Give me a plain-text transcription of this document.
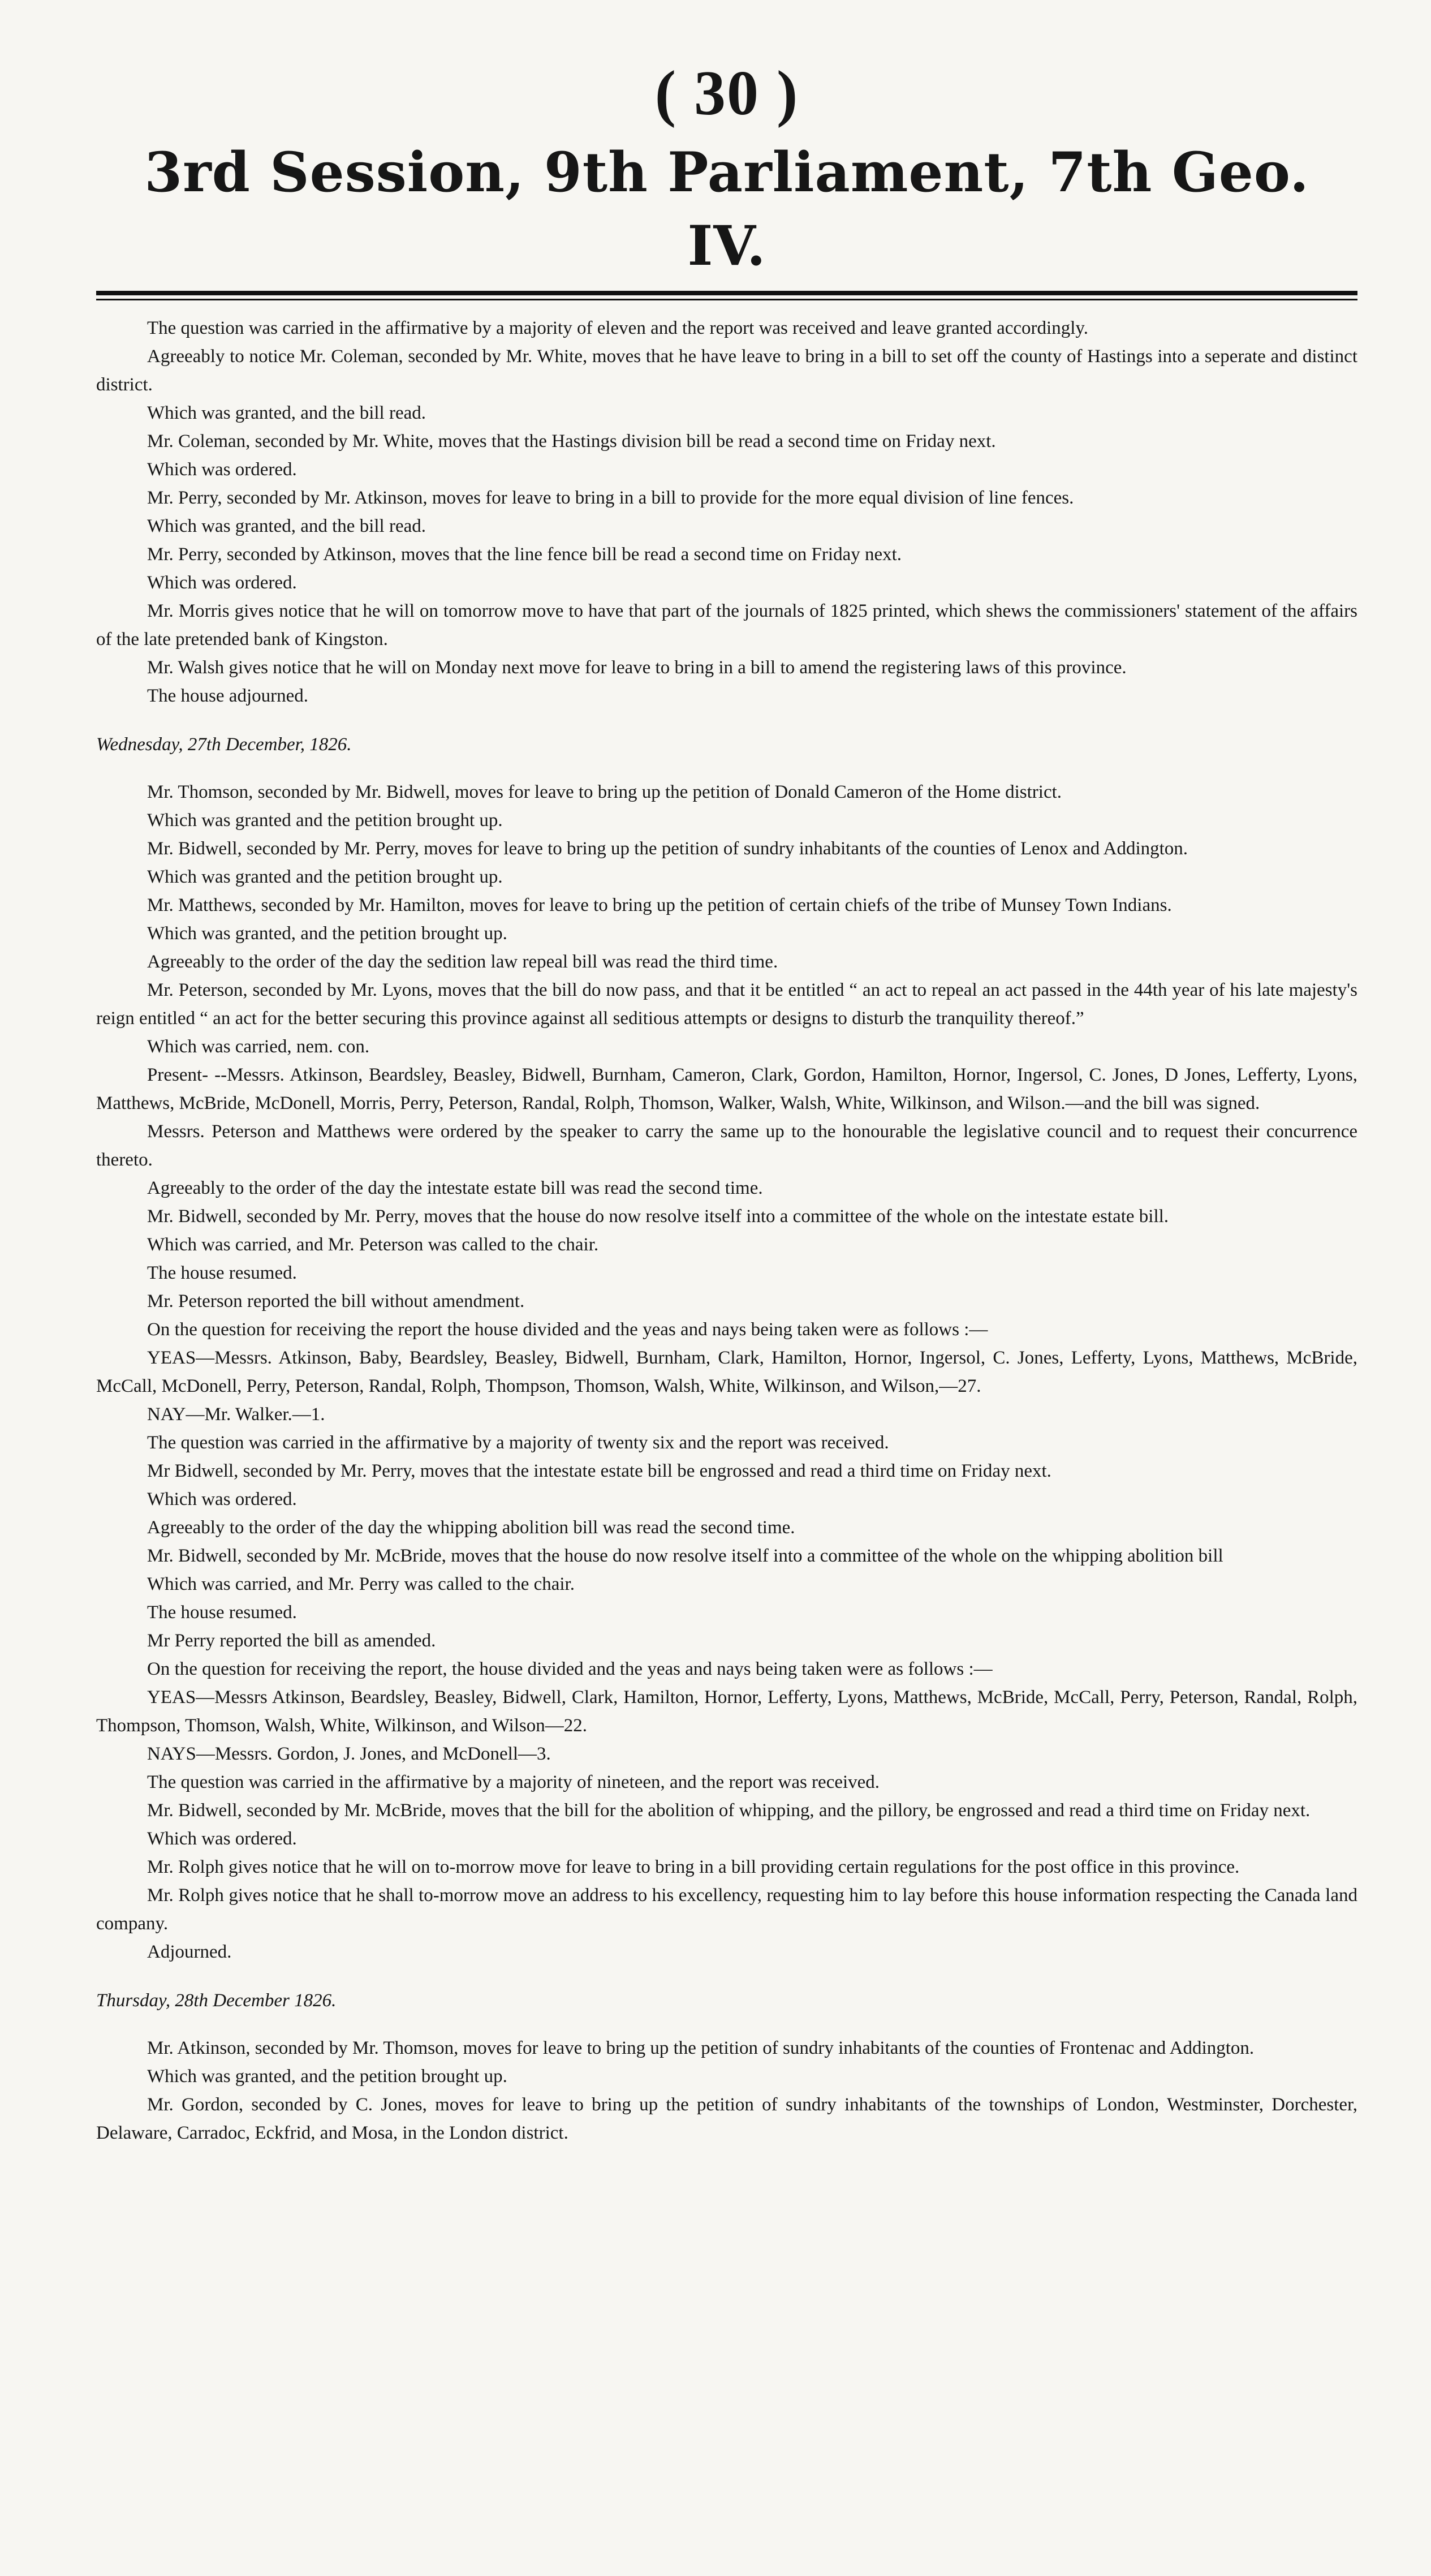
( 30 )
3rd Session, 9th Parliament, 7th Geo. IV.

The question was carried in the affirmative by a majority of eleven and the report was received and leave granted accordingly.

Agreeably to notice Mr. Coleman, seconded by Mr. White, moves that he have leave to bring in a bill to set off the county of Hastings into a seperate and distinct district.

Which was granted, and the bill read.

Mr. Coleman, seconded by Mr. White, moves that the Hastings division bill be read a second time on Friday next.

Which was ordered.

Mr. Perry, seconded by Mr. Atkinson, moves for leave to bring in a bill to provide for the more equal division of line fences.

Which was granted, and the bill read.

Mr. Perry, seconded by Atkinson, moves that the line fence bill be read a second time on Friday next.

Which was ordered.

Mr. Morris gives notice that he will on tomorrow move to have that part of the journals of 1825 printed, which shews the commissioners' statement of the affairs of the late pretended bank of Kingston.

Mr. Walsh gives notice that he will on Monday next move for leave to bring in a bill to amend the registering laws of this province.

The house adjourned.

Wednesday, 27th December, 1826.

Mr. Thomson, seconded by Mr. Bidwell, moves for leave to bring up the petition of Donald Cameron of the Home district.

Which was granted and the petition brought up.

Mr. Bidwell, seconded by Mr. Perry, moves for leave to bring up the petition of sundry inhabitants of the counties of Lenox and Addington.

Which was granted and the petition brought up.

Mr. Matthews, seconded by Mr. Hamilton, moves for leave to bring up the petition of certain chiefs of the tribe of Munsey Town Indians.

Which was granted, and the petition brought up.

Agreeably to the order of the day the sedition law repeal bill was read the third time.

Mr. Peterson, seconded by Mr. Lyons, moves that the bill do now pass, and that it be entitled “ an act to repeal an act passed in the 44th year of his late majesty's reign entitled “ an act for the better securing this province against all seditious attempts or designs to disturb the tranquility thereof.”

Which was carried, nem. con.

Present- --Messrs. Atkinson, Beardsley, Beasley, Bidwell, Burnham, Cameron, Clark, Gordon, Hamilton, Hornor, Ingersol, C. Jones, D Jones, Lefferty, Lyons, Matthews, McBride, McDonell, Morris, Perry, Peterson, Randal, Rolph, Thomson, Walker, Walsh, White, Wilkinson, and Wilson.—and the bill was signed.

Messrs. Peterson and Matthews were ordered by the speaker to carry the same up to the honourable the legislative council and to request their concurrence thereto.

Agreeably to the order of the day the intestate estate bill was read the second time.

Mr. Bidwell, seconded by Mr. Perry, moves that the house do now resolve itself into a committee of the whole on the intestate estate bill.

Which was carried, and Mr. Peterson was called to the chair.

The house resumed.

Mr. Peterson reported the bill without amendment.

On the question for receiving the report the house divided and the yeas and nays being taken were as follows :—

YEAS—Messrs. Atkinson, Baby, Beardsley, Beasley, Bidwell, Burnham, Clark, Hamilton, Hornor, Ingersol, C. Jones, Lefferty, Lyons, Matthews, McBride, McCall, McDonell, Perry, Peterson, Randal, Rolph, Thompson, Thomson, Walsh, White, Wilkinson, and Wilson,—27.

NAY—Mr. Walker.—1.

The question was carried in the affirmative by a majority of twenty six and the report was received.

Mr Bidwell, seconded by Mr. Perry, moves that the intestate estate bill be engrossed and read a third time on Friday next.

Which was ordered.

Agreeably to the order of the day the whipping abolition bill was read the second time.

Mr. Bidwell, seconded by Mr. McBride, moves that the house do now resolve itself into a committee of the whole on the whipping abolition bill

Which was carried, and Mr. Perry was called to the chair.

The house resumed.

Mr Perry reported the bill as amended.

On the question for receiving the report, the house divided and the yeas and nays being taken were as follows :—

YEAS—Messrs Atkinson, Beardsley, Beasley, Bidwell, Clark, Hamilton, Hornor, Lefferty, Lyons, Matthews, McBride, McCall, Perry, Peterson, Randal, Rolph, Thompson, Thomson, Walsh, White, Wilkinson, and Wilson—22.

NAYS—Messrs. Gordon, J. Jones, and McDonell—3.

The question was carried in the affirmative by a majority of nineteen, and the report was received.

Mr. Bidwell, seconded by Mr. McBride, moves that the bill for the abolition of whipping, and the pillory, be engrossed and read a third time on Friday next.

Which was ordered.

Mr. Rolph gives notice that he will on to-morrow move for leave to bring in a bill providing certain regulations for the post office in this province.

Mr. Rolph gives notice that he shall to-morrow move an address to his excellency, requesting him to lay before this house information respecting the Canada land company.

Adjourned.

Thursday, 28th December 1826.

Mr. Atkinson, seconded by Mr. Thomson, moves for leave to bring up the petition of sundry inhabitants of the counties of Frontenac and Addington.

Which was granted, and the petition brought up.

Mr. Gordon, seconded by C. Jones, moves for leave to bring up the petition of sundry inhabitants of the townships of London, Westminster, Dorchester, Delaware, Carradoc, Eckfrid, and Mosa, in the London district.
